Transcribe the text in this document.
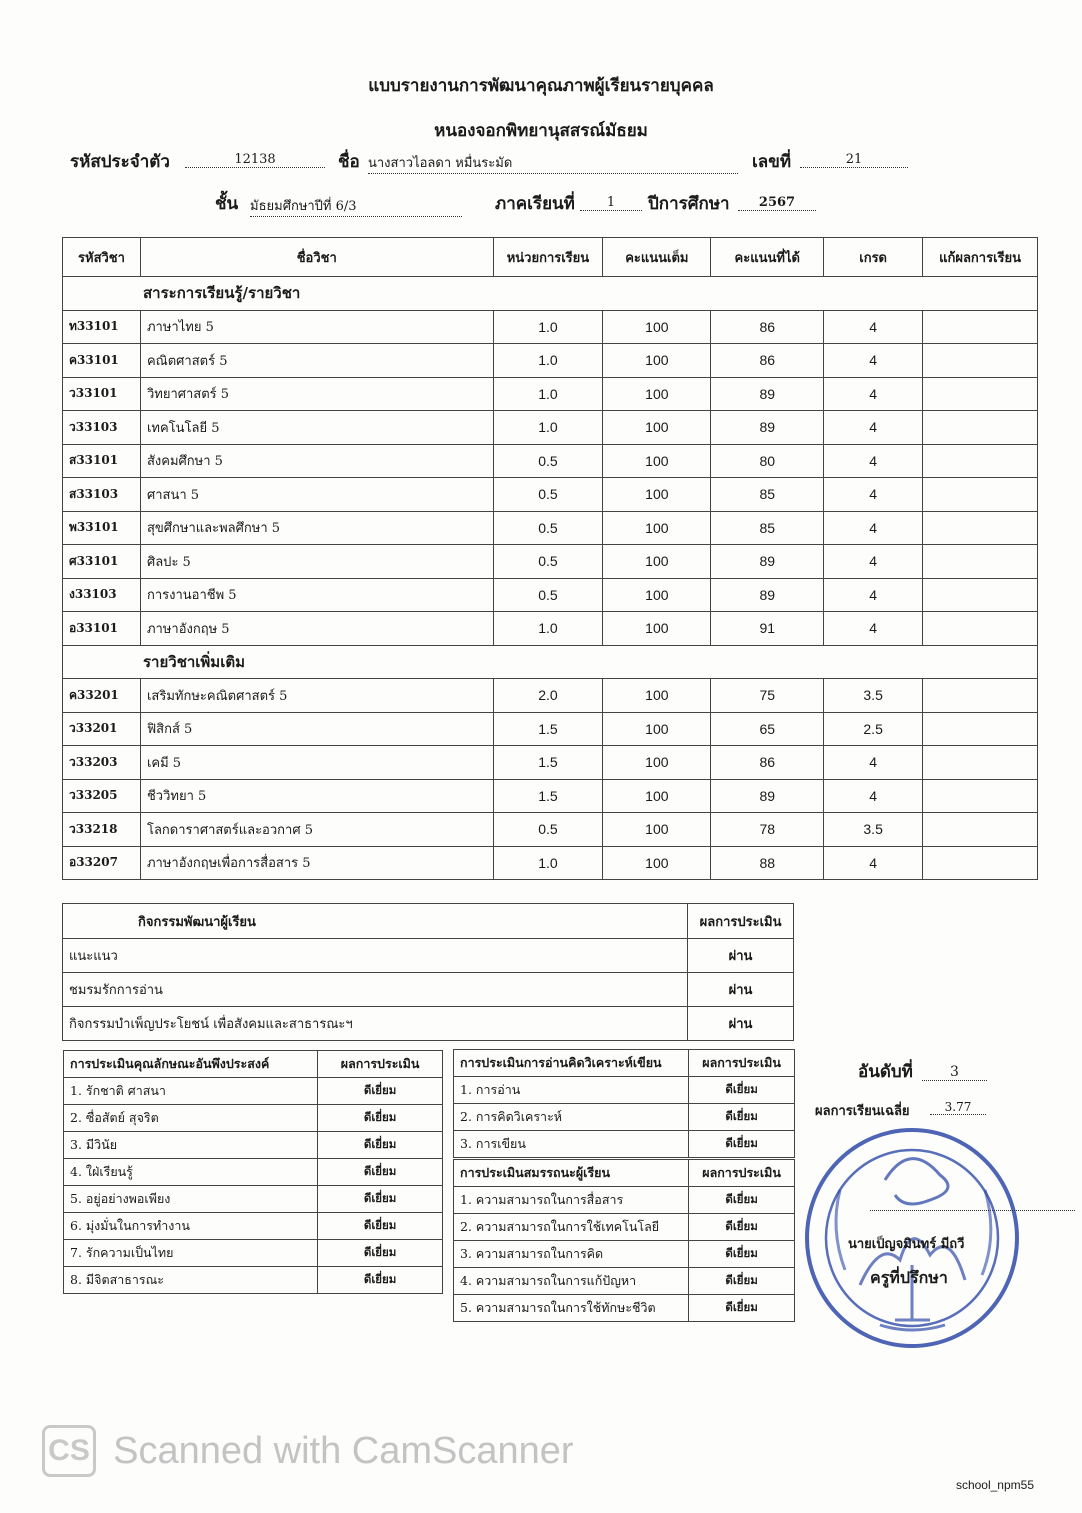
แบบรายงานการพัฒนาคุณภาพผู้เรียนรายบุคคล
หนองจอกพิทยานุสสรณ์มัธยม
รหัสประจำตัว	12138	ชื่อ นางสาวไอลดา หมื่นระมัด	เลขที่	21
ชั้น มัธยมศึกษาปีที่ 6/3	ภาคเรียนที่	1	ปีการศึกษา	2567
รหัสวิชา	ชื่อวิชา	หน่วยการเรียน	คะแนนเต็ม	คะแนนที่ได้	เกรด	แก้ผลการเรียน
สาระการเรียนรู้/รายวิชา						
ท33101	ภาษาไทย 5	1.0	100	86	4	
ค33101	คณิตศาสตร์ 5	1.0	100	86	4	
ว33101	วิทยาศาสตร์ 5	1.0	100	89	4	
ว33103	เทคโนโลยี 5	1.0	100	89	4	
ส33101	สังคมศึกษา 5	0.5	100	80	4	
ส33103	ศาสนา 5	0.5	100	85	4	
พ33101	สุขศึกษาและพลศึกษา 5	0.5	100	85	4	
ศ33101	ศิลปะ 5	0.5	100	89	4	
ง33103	การงานอาชีพ 5	0.5	100	89	4	
อ33101	ภาษาอังกฤษ 5	1.0	100	91	4	
รายวิชาเพิ่มเติม						
ค33201	เสริมทักษะคณิตศาสตร์ 5	2.0	100	75	3.5	
ว33201	ฟิสิกส์ 5	1.5	100	65	2.5	
ว33203	เคมี 5	1.5	100	86	4	
ว33205	ชีววิทยา 5	1.5	100	89	4	
ว33218	โลกดาราศาสตร์และอวกาศ 5	0.5	100	78	3.5	
อ33207	ภาษาอังกฤษเพื่อการสื่อสาร 5	1.0	100	88	4	
กิจกรรมพัฒนาผู้เรียน	ผลการประเมิน
แนะแนว	ผ่าน
ชมรมรักการอ่าน	ผ่าน
กิจกรรมบำเพ็ญประโยชน์ เพื่อสังคมและสาธารณะฯ	ผ่าน
การประเมินคุณลักษณะอันพึงประสงค์	ผลการประเมิน
1. รักชาติ ศาสนา	ดีเยี่ยม
2. ซื่อสัตย์ สุจริต	ดีเยี่ยม
3. มีวินัย	ดีเยี่ยม
4. ใฝ่เรียนรู้	ดีเยี่ยม
5. อยู่อย่างพอเพียง	ดีเยี่ยม
6. มุ่งมั่นในการทำงาน	ดีเยี่ยม
7. รักความเป็นไทย	ดีเยี่ยม
8. มีจิตสาธารณะ	ดีเยี่ยม
การประเมินการอ่านคิดวิเคราะห์เขียน	ผลการประเมิน
1. การอ่าน	ดีเยี่ยม
2. การคิดวิเคราะห์	ดีเยี่ยม
3. การเขียน	ดีเยี่ยม
การประเมินสมรรถนะผู้เรียน	ผลการประเมิน
1. ความสามารถในการสื่อสาร	ดีเยี่ยม
2. ความสามารถในการใช้เทคโนโลยี	ดีเยี่ยม
3. ความสามารถในการคิด	ดีเยี่ยม
4. ความสามารถในการแก้ปัญหา	ดีเยี่ยม
5. ความสามารถในการใช้ทักษะชีวิต	ดีเยี่ยม
อันดับที่	3
ผลการเรียนเฉลี่ย	3.77
นายเป็ญจมินทร์ มีถวี
ครูที่ปรึกษา
CS Scanned with CamScanner
school_npm55
